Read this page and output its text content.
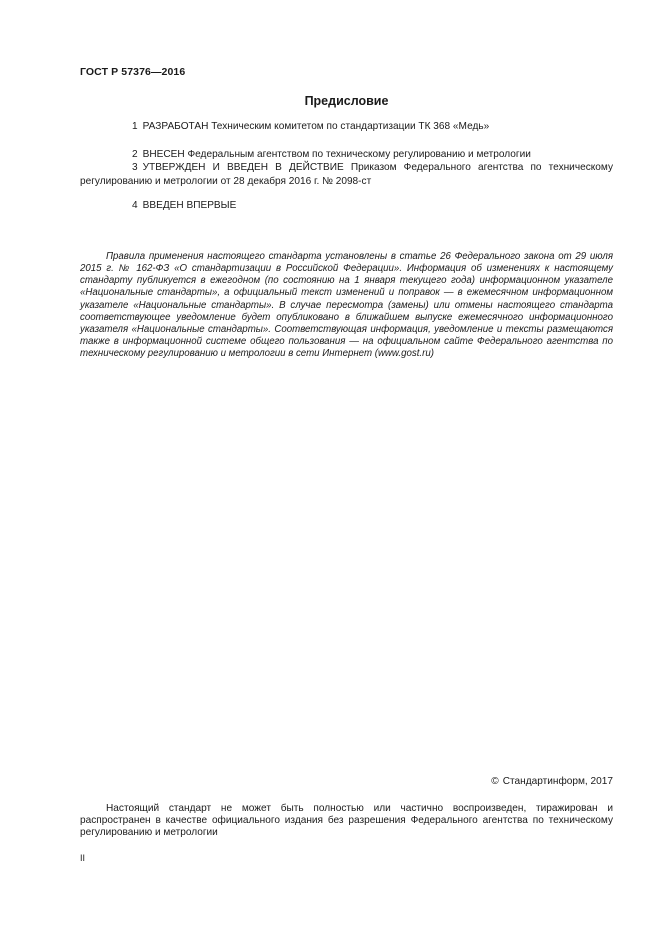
ГОСТ Р 57376—2016
Предисловие

1 РАЗРАБОТАН Техническим комитетом по стандартизации ТК 368 «Медь»

2 ВНЕСЕН Федеральным агентством по техническому регулированию и метрологии

3 УТВЕРЖДЕН И ВВЕДЕН В ДЕЙСТВИЕ Приказом Федерального агентства по техническому регулированию и метрологии от 28 декабря 2016 г. № 2098-ст

4 ВВЕДЕН ВПЕРВЫЕ

Правила применения настоящего стандарта установлены в статье 26 Федерального закона от 29 июля 2015 г. № 162-ФЗ «О стандартизации в Российской Федерации». Информация об изменениях к настоящему стандарту публикуется в ежегодном (по состоянию на 1 января текущего года) информационном указателе «Национальные стандарты», а официальный текст изменений и поправок — в ежемесячном информационном указателе «Национальные стандарты». В случае пересмотра (замены) или отмены настоящего стандарта соответствующее уведомление будет опубликовано в ближайшем выпуске ежемесячного информационного указателя «Национальные стандарты». Соответствующая информация, уведомление и тексты размещаются также в информационной системе общего пользования — на официальном сайте Федерального агентства по техническому регулированию и метрологии в сети Интернет (www.gost.ru)

© Стандартинформ, 2017

Настоящий стандарт не может быть полностью или частично воспроизведен, тиражирован и распространен в качестве официального издания без разрешения Федерального агентства по техническому регулированию и метрологии

II
